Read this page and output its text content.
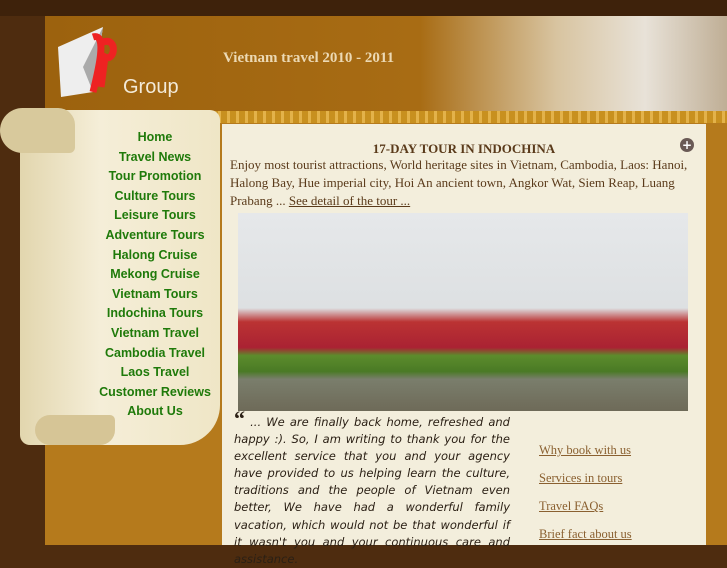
Group
Vietnam travel 2010 - 2011
Home
Travel News
Tour Promotion
Culture Tours
Leisure Tours
Adventure Tours
Halong Cruise
Mekong Cruise
Vietnam Tours
Indochina Tours
Vietnam Travel
Cambodia Travel
Laos Travel
Customer Reviews
About Us
17-DAY TOUR IN INDOCHINA	+
Enjoy most tourist attractions, World heritage sites in Vietnam, Cambodia, Laos: Hanoi, Halong Bay, Hue imperial city, Hoi An ancient town, Angkor Wat, Siem Reap, Luang Prabang ... See detail of the tour ...
“ ... We are finally back home, refreshed and happy :). So, I am writing to thank you for the excellent service that you and your agency have provided to us helping learn the culture, traditions and the people of Vietnam even better, We have had a wonderful family vacation, which would not be that wonderful if it wasn't you and your continuous care and assistance.
Why book with us
Services in tours
Travel FAQs
Brief fact about us
